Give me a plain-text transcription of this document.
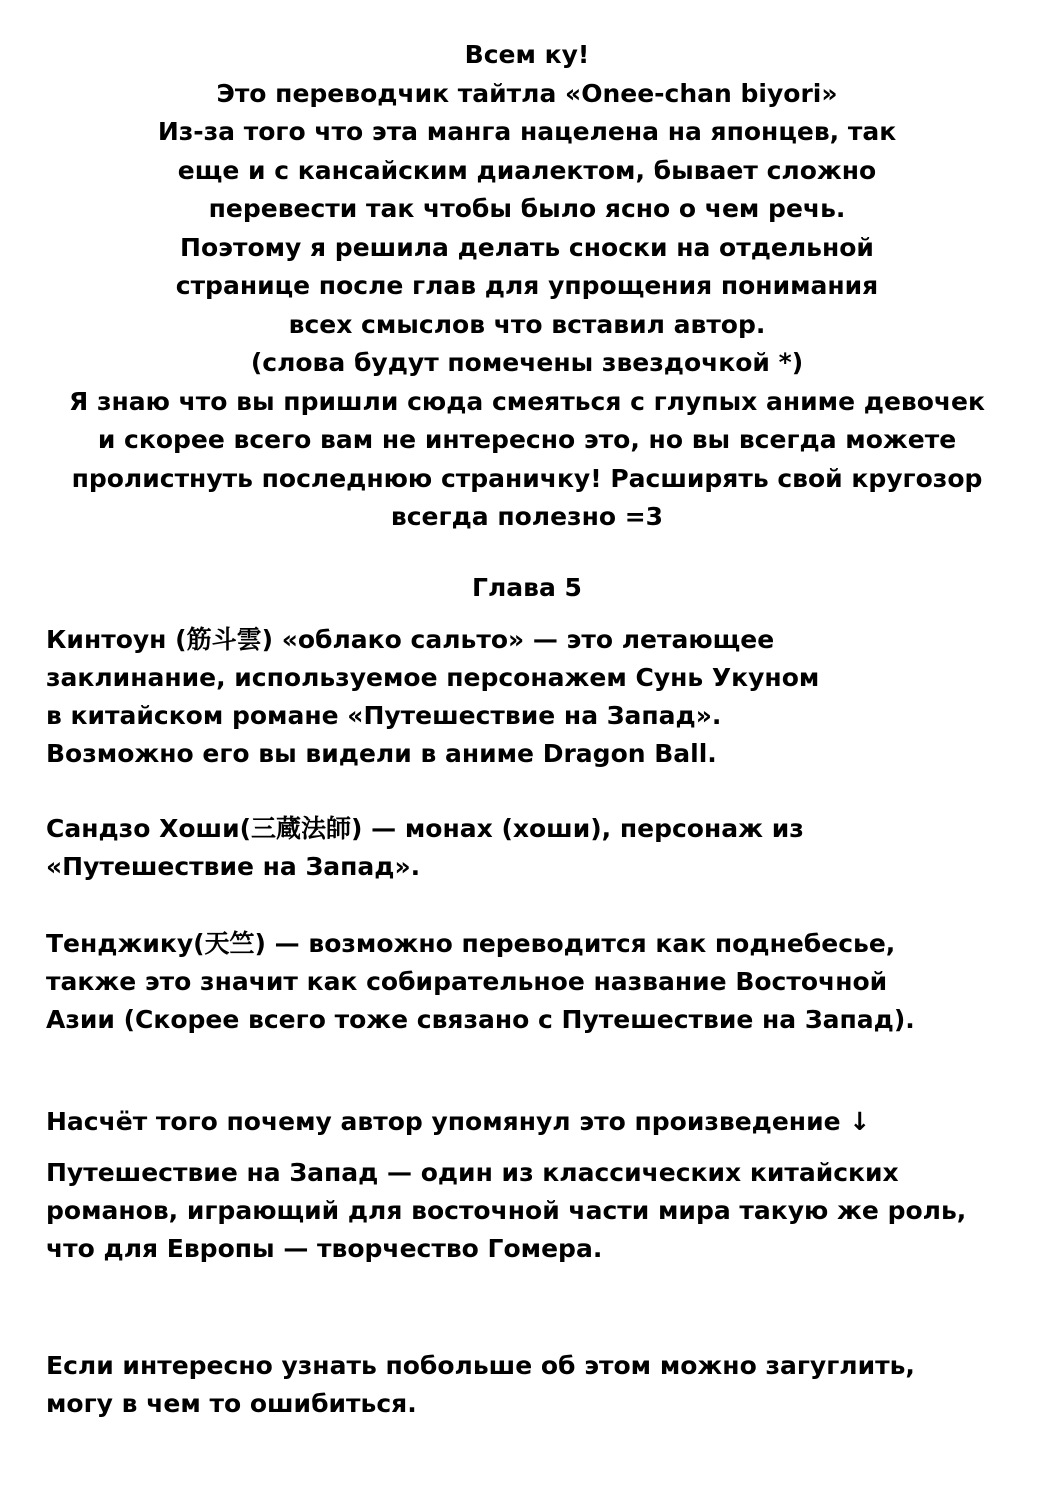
Всем ку!
Это переводчик тайтла «Onee-chan biyori»
Из-за того что эта манга нацелена на японцев, так
еще и с кансайским диалектом, бывает сложно
перевести так чтобы было ясно о чем речь.
Поэтому я решила делать сноски на отдельной
странице после глав для упрощения понимания
всех смыслов что вставил автор.
(слова будут помечены звездочкой *)
Я знаю что вы пришли сюда смеяться с глупых аниме девочек
и скорее всего вам не интересно это, но вы всегда можете
пролистнуть последнюю страничку! Расширять свой кругозор
всегда полезно =3
Глава 5
Кинтоун (筋斗雲) «облако сальто» — это летающее
заклинание, используемое персонажем Сунь Укуном
в китайском романе «Путешествие на Запад».
Возможно его вы видели в аниме Dragon Ball.
Сандзо Хоши(三蔵法師) — монах (хоши), персонаж из
«Путешествие на Запад».
Тенджику(天竺) — возможно переводится как поднебесье,
также это значит как собирательное название Восточной
Азии (Скорее всего тоже связано с Путешествие на Запад).
Насчёт того почему автор упомянул это произведение ↓
Путешествие на Запад — один из классических китайских
романов, играющий для восточной части мира такую же роль,
что для Европы — творчество Гомера.
Если интересно узнать побольше об этом можно загуглить,
могу в чем то ошибиться.
